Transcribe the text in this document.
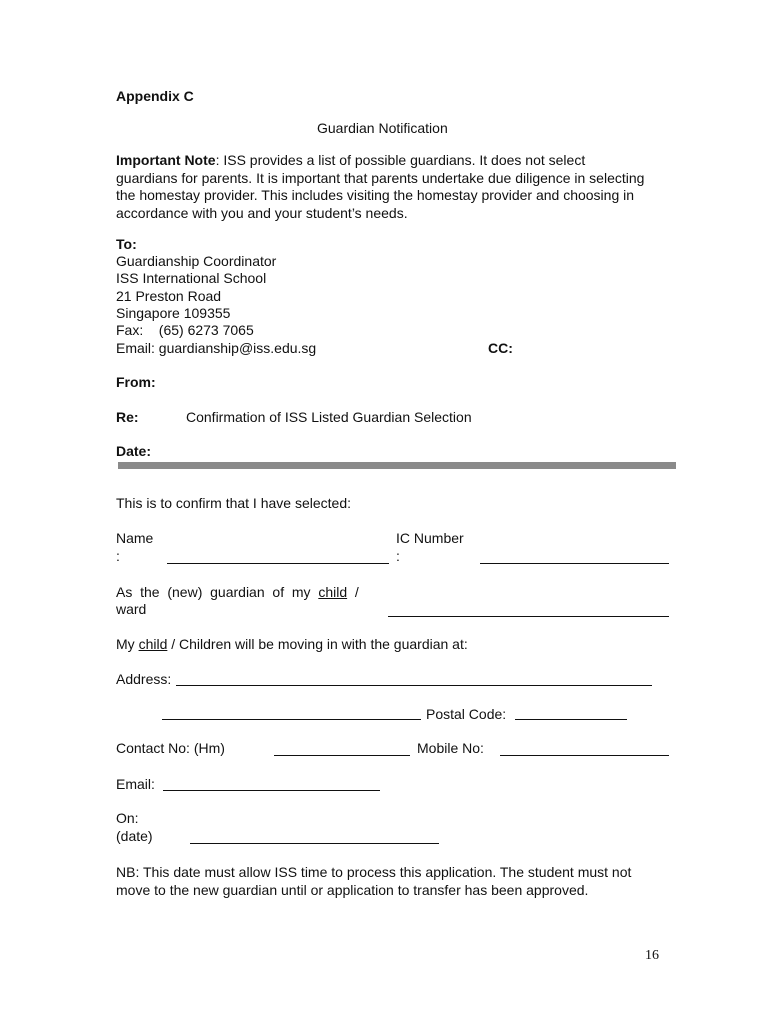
Appendix C
Guardian Notification
Important Note: ISS provides a list of possible guardians. It does not select guardians for parents. It is important that parents undertake due diligence in selecting the homestay provider. This includes visiting the homestay provider and choosing in accordance with you and your student’s needs.
To:
Guardianship Coordinator
ISS International School
21 Preston Road
Singapore 109355
Fax:    (65) 6273 7065
Email: guardianship@iss.edu.sg	CC:
From:
Re:	Confirmation of ISS Listed Guardian Selection
Date:
This is to confirm that I have selected:
Name
:
IC Number
:
As  the  (new)  guardian  of  my  child  /
ward
My child / Children will be moving in with the guardian at:
Address:
Postal Code:
Contact No: (Hm)	Mobile No:
Email:
On:
(date)
NB: This date must allow ISS time to process this application. The student must not move to the new guardian until or application to transfer has been approved.
16
